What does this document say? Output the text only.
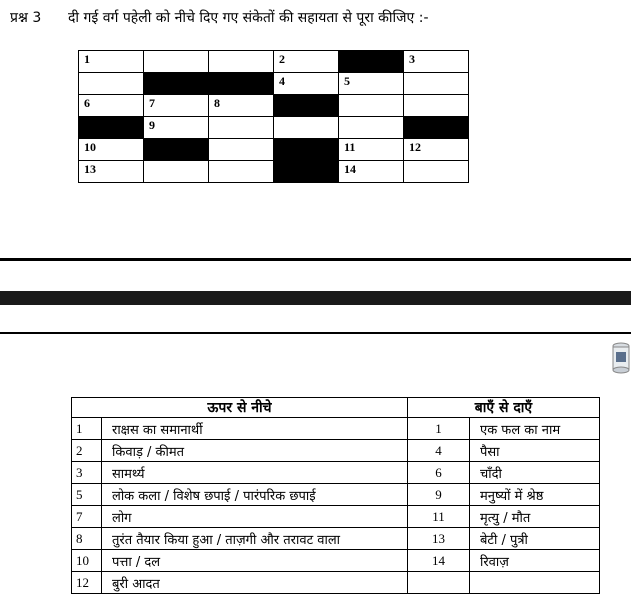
प्रश्न 3 दी गई वर्ग पहेली को नीचे दिए गए संकेतों की सहायता से पूरा कीजिए :-
1			2		3

			4	5	

6	7	8			

	9				

10				11	12

13				14	

ऊपर से नीचे		बाएँ से दाएँ	
1	राक्षस का समानार्थी	1	एक फल का नाम
2	किवाड़ / कीमत	4	पैसा
3	सामर्थ्य	6	चाँदी
5	लोक कला / विशेष छपाई / पारंपरिक छपाई	9	मनुष्यों में श्रेष्ठ
7	लोग	11	मृत्यु / मौत
8	तुरंत तैयार किया हुआ / ताज़गी और तरावट वाला	13	बेटी / पुत्री
10	पत्ता / दल	14	रिवाज़
12	बुरी आदत		
